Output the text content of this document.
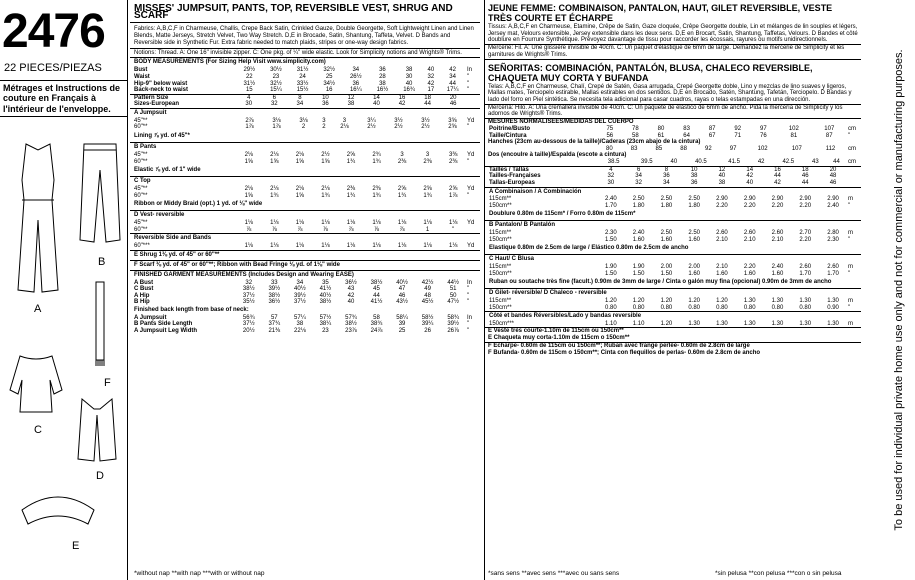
2476
22 PIECES/PIEZAS
Métrages et Instructions de couture en Français à l'intérieur de l'enveloppe.
A
B
F
C
D
E
MISSES' JUMPSUIT, PANTS, TOP, REVERSIBLE VEST, SHRUG AND SCARF
Fabrics: A,B,C,F in Charmeuse, Challis, Crepe Back Satin, Crinkled Gauze, Double Georgette, Soft Lightweight Linen and Linen Blends, Matte Jerseys, Stretch Velvet, Two Way Stretch. D,E in Brocade, Satin, Shantung, Taffeta, Velvet. D Bands and Reversible side in Synthetic Fur. Extra fabric needed to match plaids, stripes or one-way design fabrics.
Notions: Thread. A: One 16" invisible zipper. C: One pkg. of ¼" wide elastic. Look for Simplicity notions and Wrights® Trims.
BODY MEASUREMENTS (For Sizing Help Visit www.simplicity.com)
Bust	29½	30½	31½	32½	34	36	38	40	42	In
Waist	22	23	24	25	26½	28	30	32	34	"
Hip-9" below waist	31½	32½	33½	34½	36	38	40	42	44	"
Back-neck to waist	15	15¼	15½	16	16¼	16½	16¾	17	17¼	"
Pattern Size	4	6	8	10	12	14	16	18	20	
Sizes-European	30	32	34	36	38	40	42	44	46	
A Jumpsuit
45"**	2⅞	3⅛	3⅛	3	3	3¼	3½	3½	3⅝	Yd
60"**	1⅞	1⅞	2	2	2⅛	2½	2½	2½	2⅝	"
Lining ⅞ yd. of 45"*
B Pants
45"**	2⅛	2⅛	2⅛	2½	2⅝	2¾	3	3	3⅜	Yd
60"**	1⅝	1⅝	1⅝	1⅝	1¾	1¾	2⅜	2⅜	2⅜	"
Elastic ⅞ yd. of 1" wide
C Top
45"**	2⅛	2⅛	2⅛	2⅛	2⅜	2⅜	2⅝	2⅝	2⅝	Yd
60"**	1⅝	1¾	1⅝	1¾	1¾	1¾	1¾	1¾	1⅞	"
Ribbon or Middy Braid (opt.) 1 yd. of ⅛" wide
D Vest- reversible
45"**	1⅛	1⅛	1⅛	1⅛	1⅛	1⅛	1⅛	1⅛	1⅛	Yd
60"**	⅞	⅞	⅞	⅞	⅞	⅞	⅞	1	"	
Reversible Side and Bands
60"***	1⅛	1⅛	1⅛	1⅛	1⅛	1⅛	1⅛	1⅛	1⅛	Yd
E Shrug 1⅜ yd. of 45" or 60"**
F Scarf ⅜ yd. of 45" or 60"**; Ribbon with Bead Fringe ⅛ yd. of 1⅛" wide
FINISHED GARMENT MEASUREMENTS (Includes Design and Wearing EASE)
A Bust	32	33	34	35	36½	38½	40½	42½	44½	In
C Bust	38½	39½	40½	41½	43	45	47	49	51	"
A Hip	37½	38½	39½	40½	42	44	46	48	50	"
B Hip	35½	36½	37½	38½	40	41½	43½	45½	47½	"
Finished back length from base of neck:
A Jumpsuit	56¾	57	57¼	57½	57¾	58	58¼	58½	58¾	In
B Pants Side Length	37½	37¾	38	38¼	38½	38¾	39	39¼	39½	"
A Jumpsuit Leg Width	20½	21⅜	22⅛	23	23⅞	24⅞	25	26	26⅞	"
*without nap **with nap ***with or without nap
JEUNE FEMME: COMBINAISON, PANTALON, HAUT, GILET REVERSIBLE, VESTE TRÈS COURTE ET ÉCHARPE
Tissus: A,B,C,F en Charmeuse, Etamine, Crêpe de Satin, Gaze cloquée, Crêpe Georgette double, Lin et mélanges de lin souples et légers, Jersey mat, Velours extensible, Jersey extensible dans les deux sens. D,E en Brocart, Satin, Shantung, Taffetas, Velours. D Bandes et côté doublure en Fourrure Synthétique. Prévoyez davantage de tissu pour raccorder les écossais, rayures ou motifs unidirectionnels.
Mercerie: Fil. A: Une glissière invisible de 40cm. C: Un paquet d'élastique de 6mm de large. Demandez la mercerie de Simplicity et les garnitures de Wrights® Trims.
SEÑORITAS: COMBINACIÓN, PANTALÓN, BLUSA, CHALECO REVERSIBLE, CHAQUETA MUY CORTA Y BUFANDA
Telas: A,B,C,F en Charmeuse, Chalí, Crepé de Satén, Gasa arrugada, Crepé Georgette doble, Lino y mezclas de lino suaves y ligeros, Mallas mates, Terciopelo estirable, Mallas estirables en dos sentidos. D,E en Brocado, Satén, Shantung, Tafetán, Terciopelo. D Bandas y lado del forro en Piel sintética. Se necesita tela adicional para casar cuadros, rayas o telas estampadas en una dirección.
Mercería: Hilo. A: Una cremallera invisible de 40cm. C: Un paquete de elástico de 6mm de ancho. Pida la mercería de Simplicity y los adornos de Wrights® Trims.
MESURES NORMALISEES/MEDIDAS DEL CUERPO
Poitrine/Busto	75	78	80	83	87	92	97	102	107	cm
Taille/Cintura	56	58	61	64	67	71	76	81	87	"
Hanches (23cm au-dessous de la taille)/Caderas (23cm abajo de la cintura)
	80	83	85	88	92	97	102	107	112	cm
Dos (encoulre à taille)/Espalda (escote a cintura)
	38.5	39.5	40	40.5	41.5	42	42.5	43	44	cm
Tailles / Tallas	4	6	8	10	12	14	16	18	20	
Tailles-Françaises	32	34	36	38	40	42	44	46	48	
Tallas-Europeas	30	32	34	36	38	40	42	44	46	
A Combinaison / A Combinación
115cm**	2.40	2.50	2.50	2.50	2.90	2.90	2.90	2.90	2.90	m
150cm**	1.70	1.80	1.80	1.80	2.20	2.20	2.20	2.20	2.40	"
Doublure 0.80m de 115cm* / Forro 0.80m de 115cm*
B Pantalon/ B Pantalón
115cm**	2.30	2.40	2.50	2.50	2.60	2.60	2.60	2.70	2.80	m
150cm**	1.50	1.60	1.60	1.60	2.10	2.10	2.10	2.20	2.30	"
Elastique 0.80m de 2.5cm de large / Elástico 0.80m de 2.5cm de ancho
C Haut/ C Blusa
115cm**	1.90	1.90	2.00	2.00	2.10	2.20	2.40	2.60	2.60	m
150cm**	1.50	1.50	1.50	1.60	1.60	1.60	1.60	1.70	1.70	"
Ruban ou soutache très fine (facult.) 0.90m de 3mm de large / Cinta o galón muy fina (opcional) 0.90m de 3mm de ancho
D Gilet- réversible/ D Chaleco - reversible
115cm**	1.20	1.20	1.20	1.20	1.20	1.30	1.30	1.30	1.30	m
150cm**	0.80	0.80	0.80	0.80	0.80	0.80	0.80	0.80	0.90	"
Côté et bandes Réversibles/Lado y bandas reversible
150cm***	1.10	1.10	1.20	1.30	1.30	1.30	1.30	1.30	1.30	m
E Veste très courte-1.10m de 115cm ou 150cm**
E Chaqueta muy corta-1.10m de 115cm o 150cm**
F Echarpe- 0.60m de 115cm ou 150cm**; Ruban avec frange perlée- 0.60m de 2.8cm de large
F Bufanda- 0.60m de 115cm o 150cm**; Cinta con flequillos de perlas- 0.60m de 2.8cm de ancho
*sans sens **avec sens ***avec ou sans sens	*sin pelusa **con pelusa ***con o sin pelusa
To be used for individual private home use only and not for commercial or manufacturing purposes.
